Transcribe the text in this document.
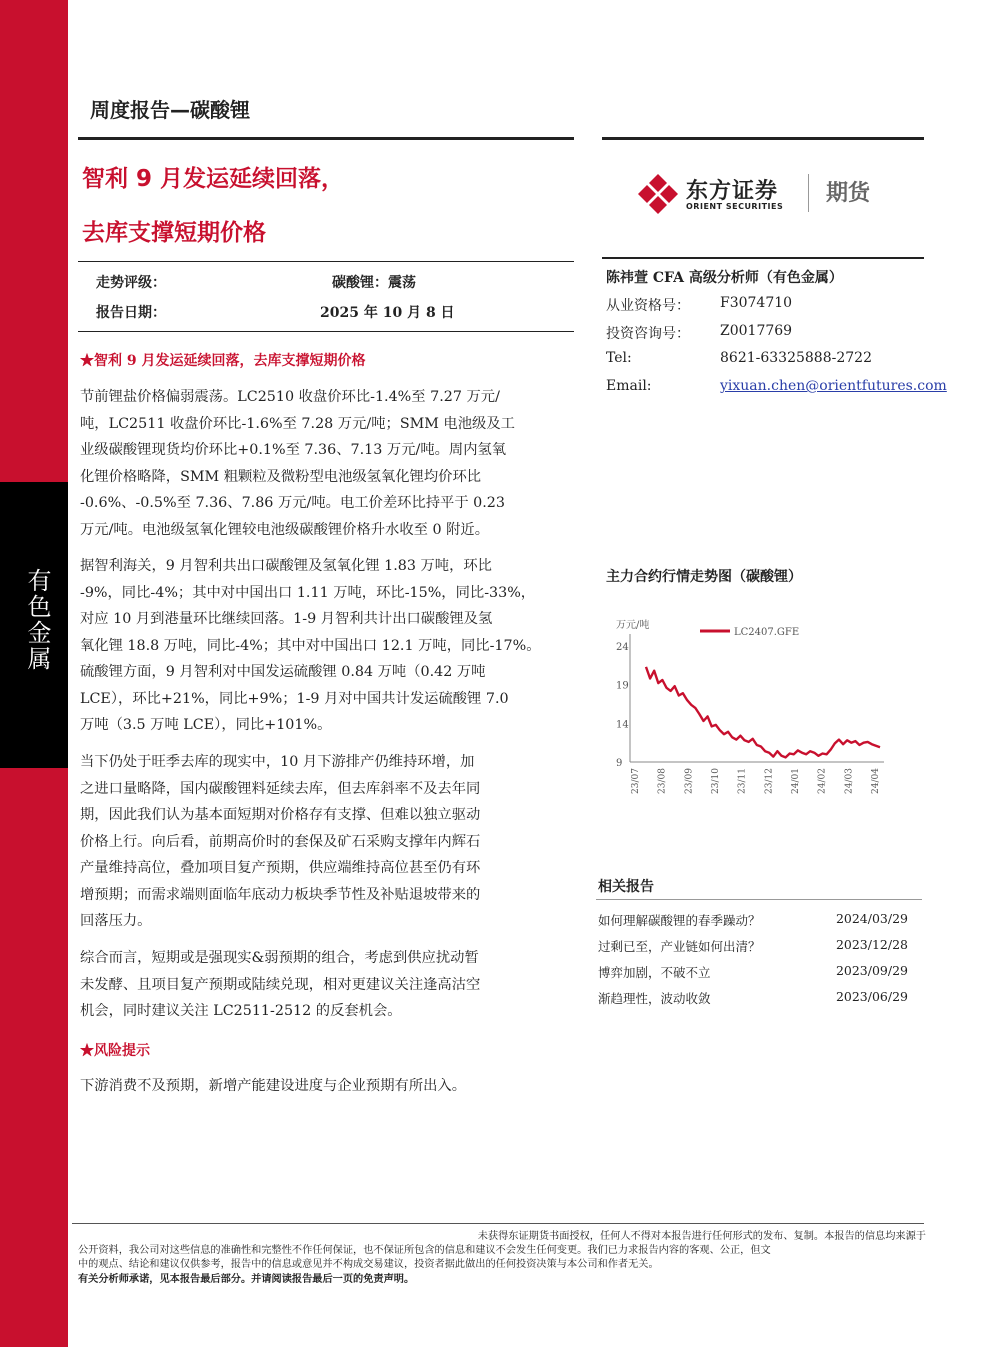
有色金属
周度报告—碳酸锂
智利 9 月发运延续回落，
去库支撑短期价格
东方证券
ORIENT SECURITIES
期货
走势评级：	碳酸锂：震荡
报告日期：	2025 年 10 月 8 日
陈祎萱 CFA 高级分析师（有色金属）
从业资格号： F3074710
投资咨询号： Z0017769
Tel:	8621-63325888-2722
Email:	yixuan.chen@orientfutures.com
★智利 9 月发运延续回落，去库支撑短期价格
节前锂盐价格偏弱震荡。LC2510 收盘价环比-1.4%至 7.27 万元/
吨，LC2511 收盘价环比-1.6%至 7.28 万元/吨；SMM 电池级及工
业级碳酸锂现货均价环比+0.1%至 7.36、7.13 万元/吨。周内氢氧
化锂价格略降，SMM 粗颗粒及微粉型电池级氢氧化锂均价环比
-0.6%、-0.5%至 7.36、7.86 万元/吨。电工价差环比持平于 0.23
万元/吨。电池级氢氧化锂较电池级碳酸锂价格升水收至 0 附近。
据智利海关，9 月智利共出口碳酸锂及氢氧化锂 1.83 万吨，环比
-9%，同比-4%；其中对中国出口 1.11 万吨，环比-15%，同比-33%，
对应 10 月到港量环比继续回落。1-9 月智利共计出口碳酸锂及氢
氧化锂 18.8 万吨，同比-4%；其中对中国出口 12.1 万吨，同比-17%。
硫酸锂方面，9 月智利对中国发运硫酸锂 0.84 万吨（0.42 万吨
LCE），环比+21%，同比+9%；1-9 月对中国共计发运硫酸锂 7.0
万吨（3.5 万吨 LCE），同比+101%。
当下仍处于旺季去库的现实中，10 月下游排产仍维持环增，加
之进口量略降，国内碳酸锂料延续去库，但去库斜率不及去年同
期，因此我们认为基本面短期对价格存有支撑、但难以独立驱动
价格上行。向后看，前期高价时的套保及矿石采购支撑年内辉石
产量维持高位，叠加项目复产预期，供应端维持高位甚至仍有环
增预期；而需求端则面临年底动力板块季节性及补贴退坡带来的
回落压力。
综合而言，短期或是强现实&弱预期的组合，考虑到供应扰动暂
未发酵、且项目复产预期或陆续兑现，相对更建议关注逢高沽空
机会，同时建议关注 LC2511-2512 的反套机会。
★风险提示
下游消费不及预期，新增产能建设进度与企业预期有所出入。
主力合约行情走势图（碳酸锂）
万元/吨
LC2407.GFE
24
19
14
9
23/07 23/08 23/09 23/10 23/11 23/12 24/01 24/02 24/03 24/04
相关报告
如何理解碳酸锂的春季躁动？	2024/03/29
过剩已至，产业链如何出清？	2023/12/28
博弈加剧，不破不立	2023/09/29
渐趋理性，波动收敛	2023/06/29
未获得东证期货书面授权，任何人不得对本报告进行任何形式的发布、复制。本报告的信息均来源于
公开资料，我公司对这些信息的准确性和完整性不作任何保证，也不保证所包含的信息和建议不会发生任何变更。我们已力求报告内容的客观、公正，但文
中的观点、结论和建议仅供参考，报告中的信息或意见并不构成交易建议，投资者据此做出的任何投资决策与本公司和作者无关。
有关分析师承诺，见本报告最后部分。并请阅读报告最后一页的免责声明。
